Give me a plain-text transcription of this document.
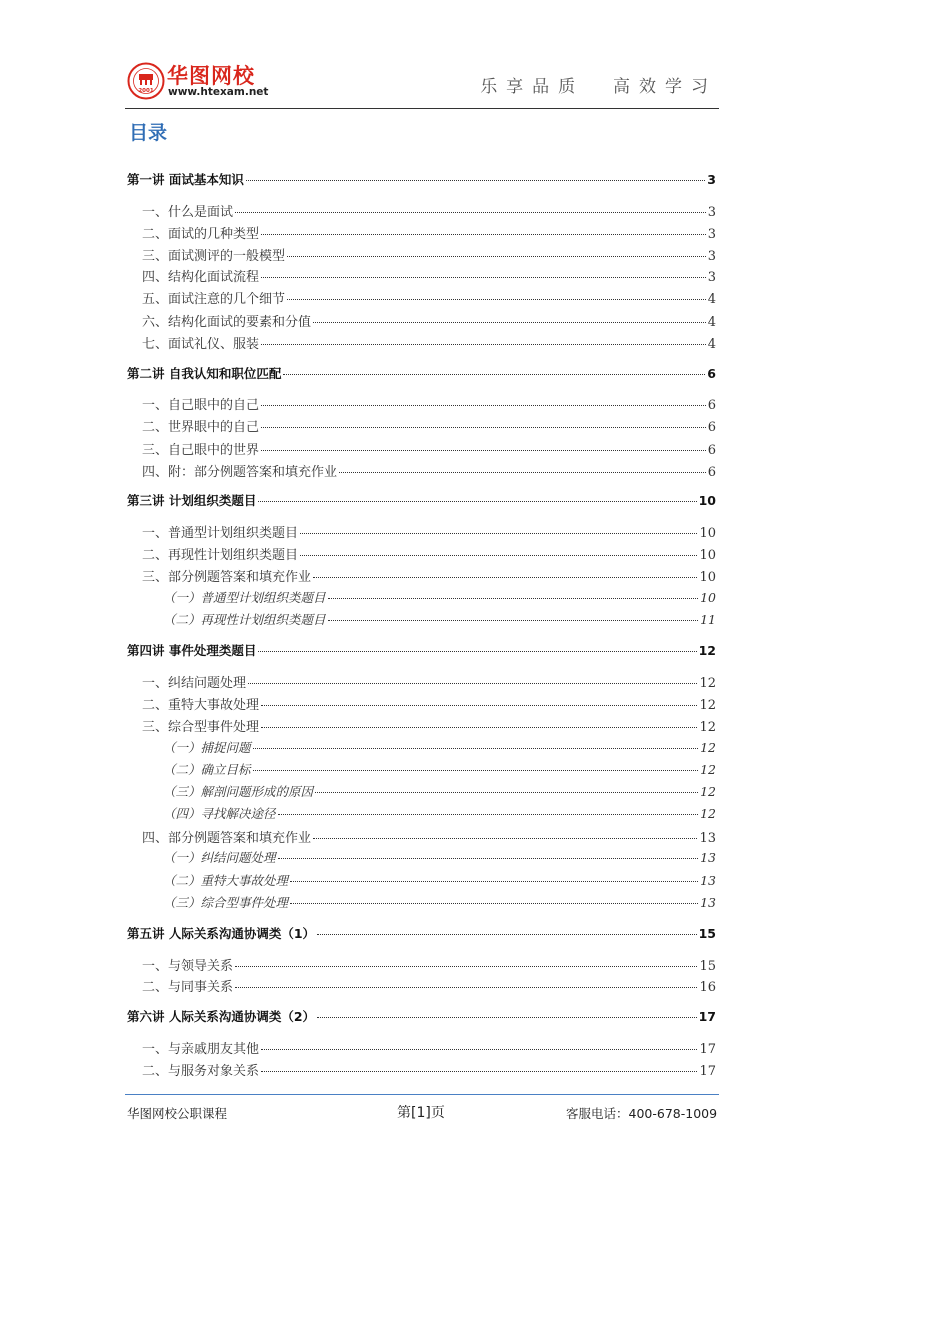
2001
华图网校
www.htexam.net	乐享品质  高效学习
目录
第一讲 面试基本知识	3
一、什么是面试	3
二、面试的几种类型	3
三、面试测评的一般模型	3
四、结构化面试流程	3
五、面试注意的几个细节	4
六、结构化面试的要素和分值	4
七、面试礼仪、服装	4
第二讲 自我认知和职位匹配	6
一、自己眼中的自己	6
二、世界眼中的自己	6
三、自己眼中的世界	6
四、附：部分例题答案和填充作业	6
第三讲 计划组织类题目	10
一、普通型计划组织类题目	10
二、再现性计划组织类题目	10
三、部分例题答案和填充作业	10
（一）普通型计划组织类题目	10
（二）再现性计划组织类题目	11
第四讲 事件处理类题目	12
一、纠结问题处理	12
二、重特大事故处理	12
三、综合型事件处理	12
（一）捕捉问题	12
（二）确立目标	12
（三）解剖问题形成的原因	12
（四）寻找解决途径	12
四、部分例题答案和填充作业	13
（一）纠结问题处理	13
（二）重特大事故处理	13
（三）综合型事件处理	13
第五讲 人际关系沟通协调类（1）	15
一、与领导关系	15
二、与同事关系	16
第六讲 人际关系沟通协调类（2）	17
一、与亲戚朋友其他	17
二、与服务对象关系	17
华图网校公职课程	第[1]页	客服电话：400-678-1009
